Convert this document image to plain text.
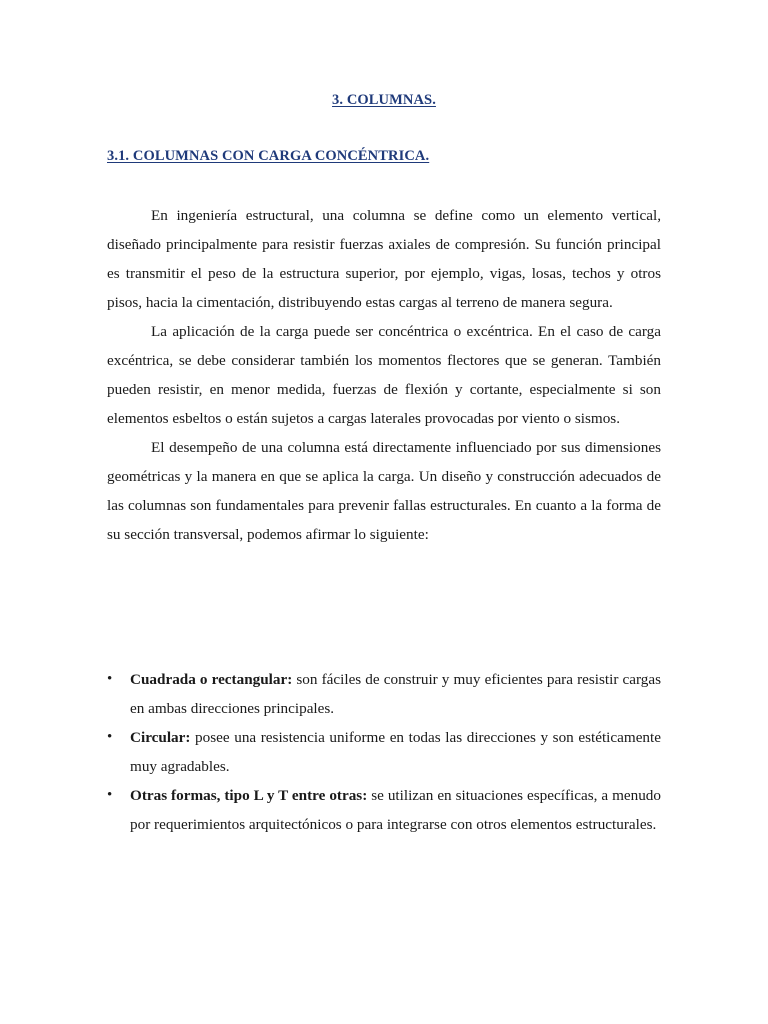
3. COLUMNAS.
3.1. COLUMNAS CON CARGA CONCÉNTRICA.

En ingeniería estructural, una columna se define como un elemento vertical, diseñado principalmente para resistir fuerzas axiales de compresión. Su función principal es transmitir el peso de la estructura superior, por ejemplo, vigas, losas, techos y otros pisos, hacia la cimentación, distribuyendo estas cargas al terreno de manera segura.

La aplicación de la carga puede ser concéntrica o excéntrica. En el caso de carga excéntrica, se debe considerar también los momentos flectores que se generan. También pueden resistir, en menor medida, fuerzas de flexión y cortante, especialmente si son elementos esbeltos o están sujetos a cargas laterales provocadas por viento o sismos.

El desempeño de una columna está directamente influenciado por sus dimensiones geométricas y la manera en que se aplica la carga. Un diseño y construcción adecuados de las columnas son fundamentales para prevenir fallas estructurales. En cuanto a la forma de su sección transversal, podemos afirmar lo siguiente:

• Cuadrada o rectangular: son fáciles de construir y muy eficientes para resistir cargas en ambas direcciones principales.
• Circular: posee una resistencia uniforme en todas las direcciones y son estéticamente muy agradables.
• Otras formas, tipo L y T entre otras: se utilizan en situaciones específicas, a menudo por requerimientos arquitectónicos o para integrarse con otros elementos estructurales.
